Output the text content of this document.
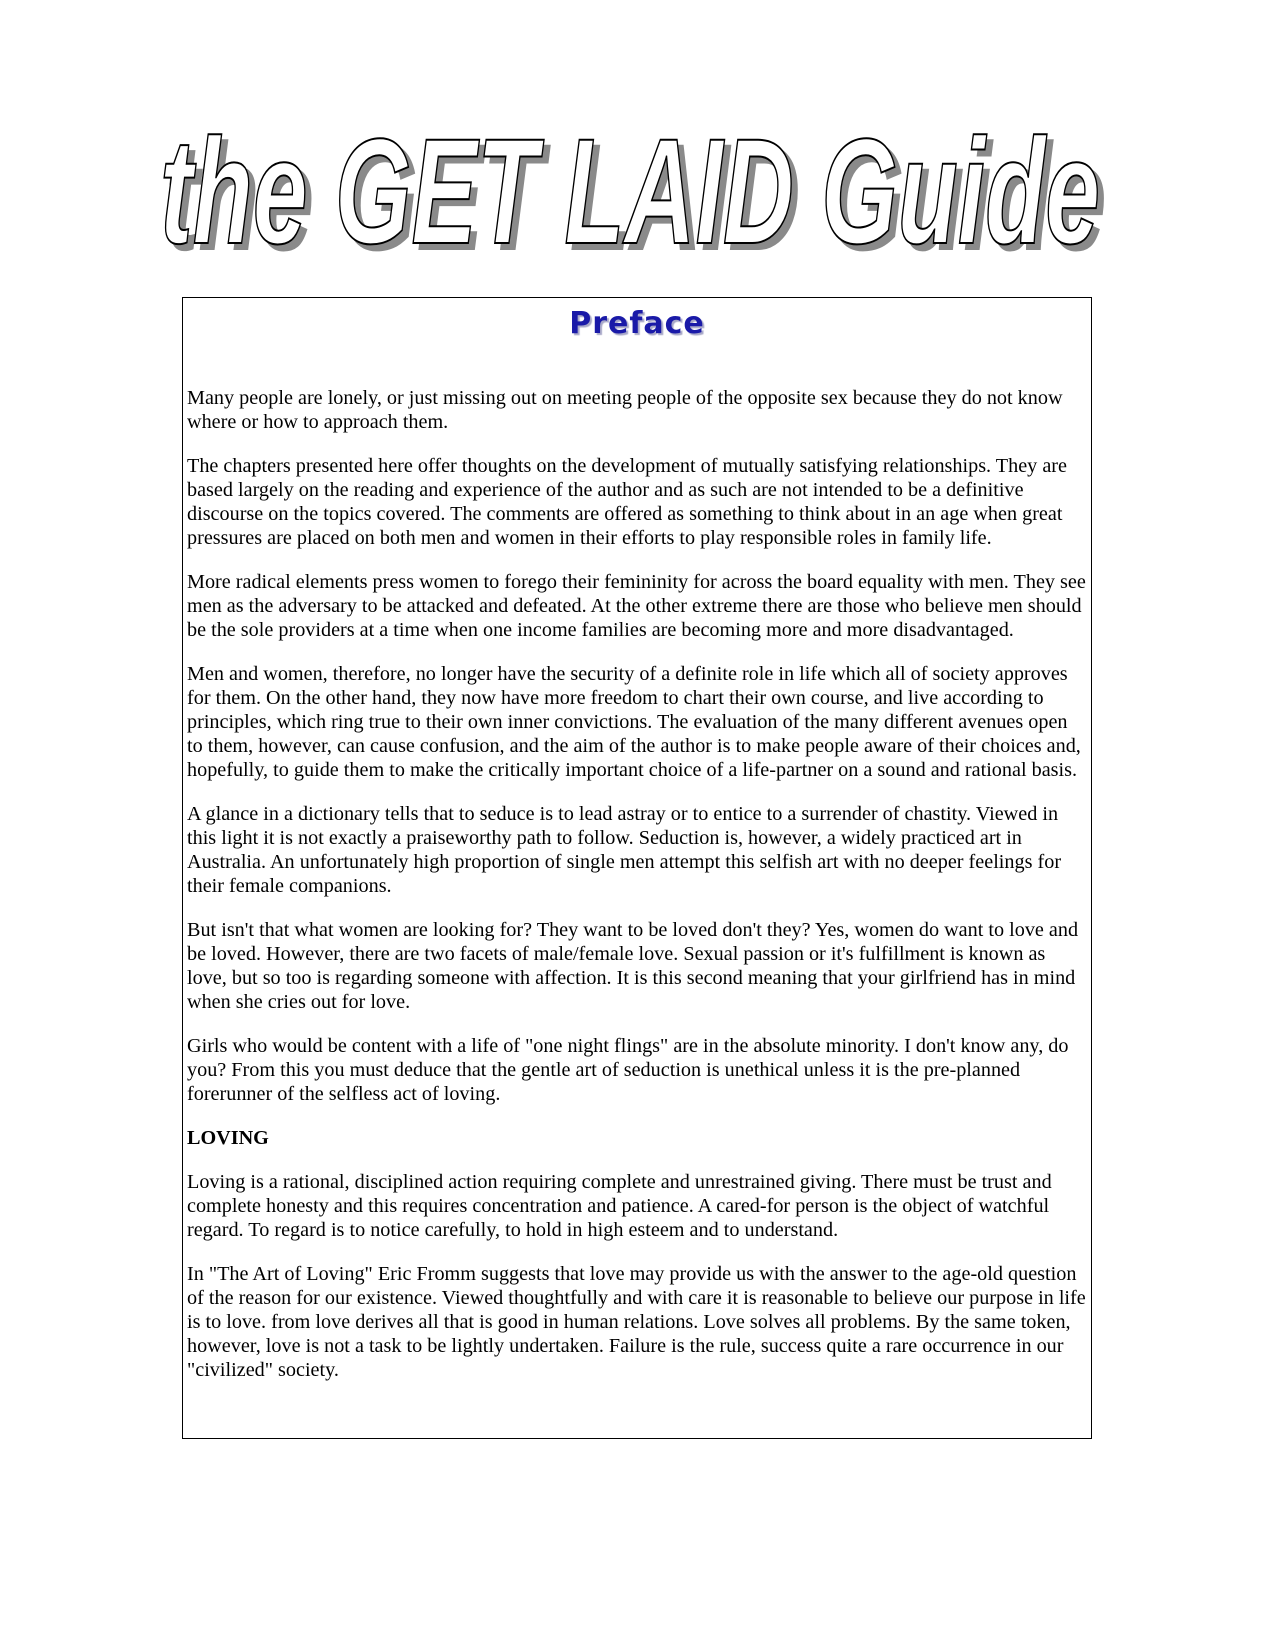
the GET LAID Guide
the GET LAID Guide
Preface

Many people are lonely, or just missing out on meeting people of the opposite sex because they do not know where or how to approach them.

The chapters presented here offer thoughts on the development of mutually satisfying relationships. They are based largely on the reading and experience of the author and as such are not intended to be a definitive discourse on the topics covered. The comments are offered as something to think about in an age when great pressures are placed on both men and women in their efforts to play responsible roles in family life.

More radical elements press women to forego their femininity for across the board equality with men. They see men as the adversary to be attacked and defeated. At the other extreme there are those who believe men should be the sole providers at a time when one income families are becoming more and more disadvantaged.

Men and women, therefore, no longer have the security of a definite role in life which all of society approves for them. On the other hand, they now have more freedom to chart their own course, and live according to principles, which ring true to their own inner convictions. The evaluation of the many different avenues open to them, however, can cause confusion, and the aim of the author is to make people aware of their choices and, hopefully, to guide them to make the critically important choice of a life-partner on a sound and rational basis.

A glance in a dictionary tells that to seduce is to lead astray or to entice to a surrender of chastity. Viewed in this light it is not exactly a praiseworthy path to follow. Seduction is, however, a widely practiced art in Australia. An unfortunately high proportion of single men attempt this selfish art with no deeper feelings for their female companions.

But isn't that what women are looking for? They want to be loved don't they? Yes, women do want to love and be loved. However, there are two facets of male/female love. Sexual passion or it's fulfillment is known as love, but so too is regarding someone with affection. It is this second meaning that your girlfriend has in mind when she cries out for love.

Girls who would be content with a life of "one night flings" are in the absolute minority. I don't know any, do you? From this you must deduce that the gentle art of seduction is unethical unless it is the pre-planned forerunner of the selfless act of loving.

LOVING

Loving is a rational, disciplined action requiring complete and unrestrained giving. There must be trust and complete honesty and this requires concentration and patience. A cared-for person is the object of watchful regard. To regard is to notice carefully, to hold in high esteem and to understand.

In "The Art of Loving" Eric Fromm suggests that love may provide us with the answer to the age-old question of the reason for our existence. Viewed thoughtfully and with care it is reasonable to believe our purpose in life is to love. from love derives all that is good in human relations. Love solves all problems. By the same token, however, love is not a task to be lightly undertaken. Failure is the rule, success quite a rare occurrence in our "civilized" society.
